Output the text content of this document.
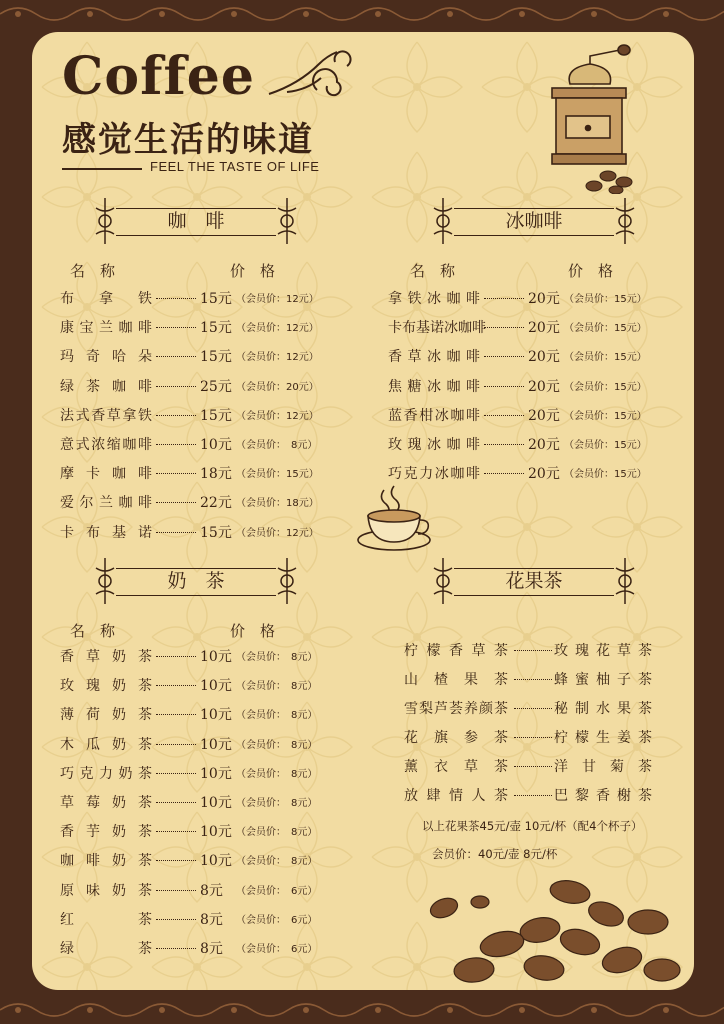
Coffee
感觉生活的味道
FEEL THE TASTE OF LIFE
咖　啡
名　称	价　格
布拿铁	15元 （会员价：12元）
康宝兰咖啡	15元 （会员价：12元）
玛奇哈朵	15元 （会员价：12元）
绿茶咖啡	25元 （会员价：20元）
法式香草拿铁	15元 （会员价：12元）
意式浓缩咖啡	10元 （会员价：　8元）
摩卡咖啡	18元 （会员价：15元）
爱尔兰咖啡	22元 （会员价：18元）
卡布基诺	15元 （会员价：12元）
冰咖啡
名　称	价　格
拿铁冰咖啡	20元 （会员价：15元）
卡布基诺冰咖啡	20元 （会员价：15元）
香草冰咖啡	20元 （会员价：15元）
焦糖冰咖啡	20元 （会员价：15元）
蓝香柑冰咖啡	20元 （会员价：15元）
玫瑰冰咖啡	20元 （会员价：15元）
巧克力冰咖啡	20元 （会员价：15元）
奶　茶
名　称	价　格
香草奶茶	10元 （会员价：　8元）
玫瑰奶茶	10元 （会员价：　8元）
薄荷奶茶	10元 （会员价：　8元）
木瓜奶茶	10元 （会员价：　8元）
巧克力奶茶	10元 （会员价：　8元）
草莓奶茶	10元 （会员价：　8元）
香芋奶茶	10元 （会员价：　8元）
咖啡奶茶	10元 （会员价：　8元）
原味奶茶	8元 （会员价：　6元）
红茶	8元 （会员价：　6元）
绿茶	8元 （会员价：　6元）
花果茶
柠檬香草茶	玫瑰花草茶
山楂果茶	蜂蜜柚子茶
雪梨芦荟养颜茶	秘制水果茶
花旗参茶	柠檬生姜茶
薰衣草茶	洋甘菊茶
放肆情人茶	巴黎香榭茶
以上花果茶45元/壶 10元/杯（配4个杯子）
会员价：40元/壶 8元/杯
